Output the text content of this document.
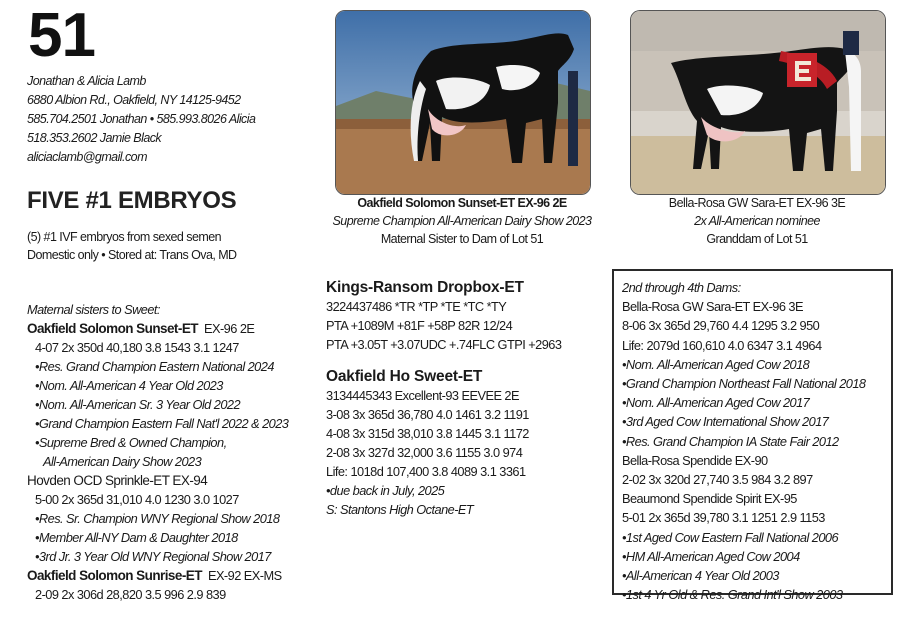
51
Jonathan & Alicia Lamb
6880 Albion Rd., Oakfield, NY 14125-9452
585.704.2501 Jonathan • 585.993.8026 Alicia
518.353.2602 Jamie Black
aliciaclamb@gmail.com
FIVE #1 EMBRYOS
(5) #1 IVF embryos from sexed semen
Domestic only • Stored at: Trans Ova, MD
Maternal sisters to Sweet:
Oakfield Solomon Sunset-ET EX-96 2E
4-07 2x 350d 40,180 3.8 1543 3.1 1247
•Res. Grand Champion Eastern National 2024
•Nom. All-American 4 Year Old 2023
•Nom. All-American Sr. 3 Year Old 2022
•Grand Champion Eastern Fall Nat'l 2022 & 2023
•Supreme Bred & Owned Champion,
All-American Dairy Show 2023
Hovden OCD Sprinkle-ET EX-94
5-00 2x 365d 31,010 4.0 1230 3.0 1027
•Res. Sr. Champion WNY Regional Show 2018
•Member All-NY Dam & Daughter 2018
•3rd Jr. 3 Year Old WNY Regional Show 2017
Oakfield Solomon Sunrise-ET EX-92 EX-MS
2-09 2x 306d 28,820 3.5 996 2.9 839
Oakfield Solomon Sunset-ET EX-96 2E
Supreme Champion All-American Dairy Show 2023
Maternal Sister to Dam of Lot 51
Bella-Rosa GW Sara-ET EX-96 3E
2x All-American nominee
Granddam of Lot 51
Kings-Ransom Dropbox-ET
3224437486 *TR *TP *TE *TC *TY
PTA +1089M +81F +58P 82R 12/24
PTA +3.05T +3.07UDC +.74FLC GTPI +2963
Oakfield Ho Sweet-ET
3134445343 Excellent-93 EEVEE 2E
3-08 3x 365d 36,780 4.0 1461 3.2 1191
4-08 3x 315d 38,010 3.8 1445 3.1 1172
2-08 3x 327d 32,000 3.6 1155 3.0 974
Life: 1018d 107,400 3.8 4089 3.1 3361
•due back in July, 2025
S: Stantons High Octane-ET
2nd through 4th Dams:
Bella-Rosa GW Sara-ET EX-96 3E
8-06 3x 365d 29,760 4.4 1295 3.2 950
Life: 2079d 160,610 4.0 6347 3.1 4964
•Nom. All-American Aged Cow 2018
•Grand Champion Northeast Fall National 2018
•Nom. All-American Aged Cow 2017
•3rd Aged Cow International Show 2017
•Res. Grand Champion IA State Fair 2012
Bella-Rosa Spendide EX-90
2-02 3x 320d 27,740 3.5 984 3.2 897
Beaumond Spendide Spirit EX-95
5-01 2x 365d 39,780 3.1 1251 2.9 1153
•1st Aged Cow Eastern Fall National 2006
•HM All-American Aged Cow 2004
•All-American 4 Year Old 2003
•1st 4 Yr Old & Res. Grand Int'l Show 2003
